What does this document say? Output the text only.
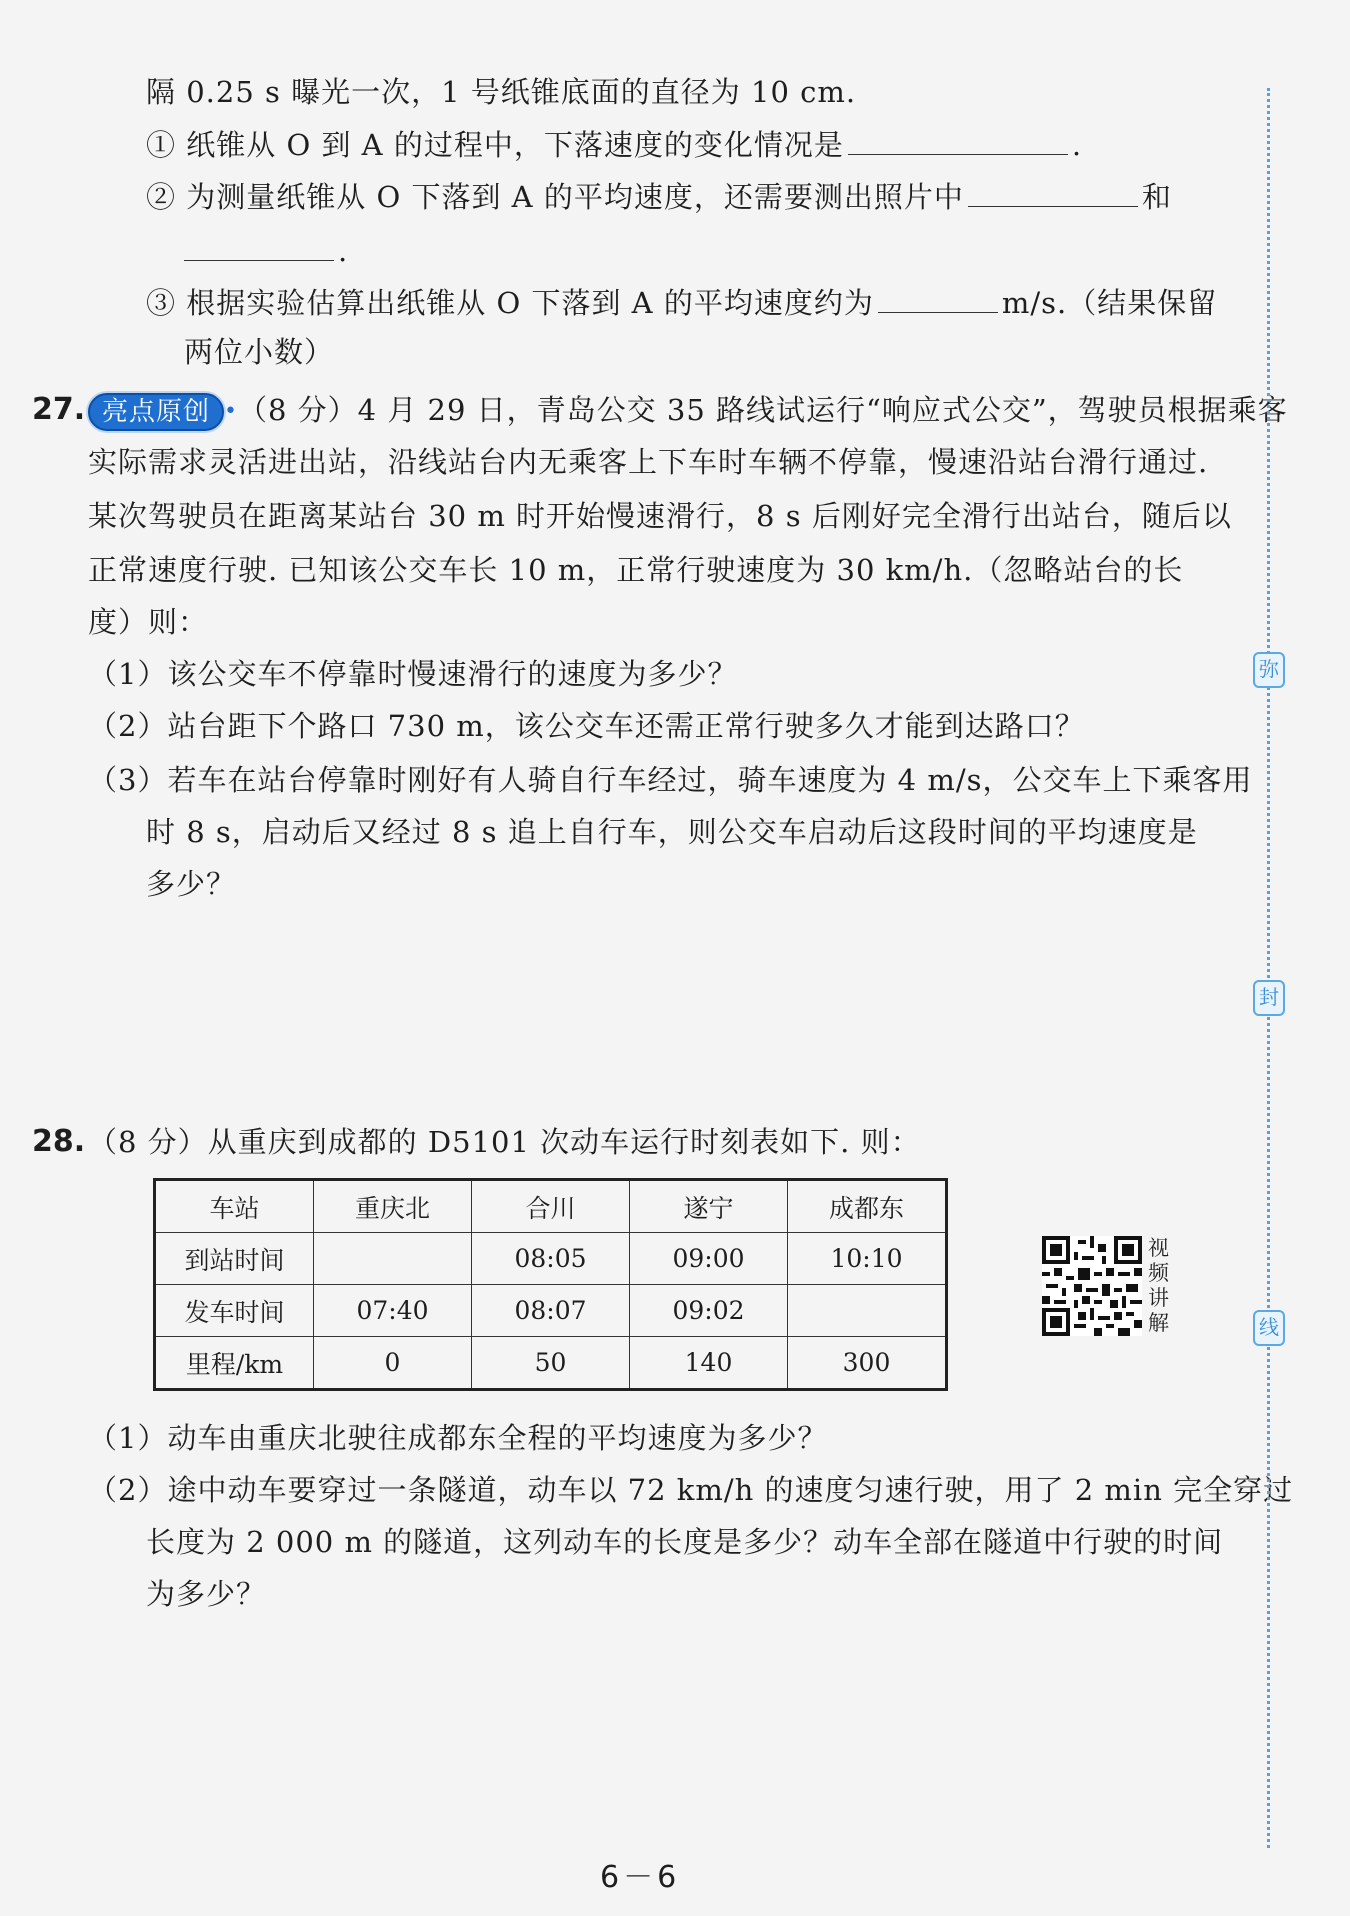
隔 0.25 s 曝光一次，1 号纸锥底面的直径为 10 cm.
① 纸锥从 O 到 A 的过程中，下落速度的变化情况是	.
② 为测量纸锥从 O 下落到 A 的平均速度，还需要测出照片中	和
.
③ 根据实验估算出纸锥从 O 下落到 A 的平均速度约为	m/s.（结果保留
两位小数）
27. 亮点原创 •（8 分）4 月 29 日，青岛公交 35 路线试运行“响应式公交”，驾驶员根据乘客
实际需求灵活进出站，沿线站台内无乘客上下车时车辆不停靠，慢速沿站台滑行通过.
某次驾驶员在距离某站台 30 m 时开始慢速滑行，8 s 后刚好完全滑行出站台，随后以
正常速度行驶. 已知该公交车长 10 m，正常行驶速度为 30 km/h.（忽略站台的长
度）则：
（1）该公交车不停靠时慢速滑行的速度为多少？
（2）站台距下个路口 730 m，该公交车还需正常行驶多久才能到达路口？
（3）若车在站台停靠时刚好有人骑自行车经过，骑车速度为 4 m/s，公交车上下乘客用
时 8 s，启动后又经过 8 s 追上自行车，则公交车启动后这段时间的平均速度是
多少？
28. （8 分）从重庆到成都的 D5101 次动车运行时刻表如下. 则：
车站	重庆北	合川	遂宁	成都东
到站时间		08:05	09:00	10:10
发车时间	07:40	08:07	09:02	
里程/km	0	50	140	300
视
频
讲
解
（1）动车由重庆北驶往成都东全程的平均速度为多少？
（2）途中动车要穿过一条隧道，动车以 72 km/h 的速度匀速行驶，用了 2 min 完全穿过
长度为 2 000 m 的隧道，这列动车的长度是多少？动车全部在隧道中行驶的时间
为多少？
弥
封
线
6－6
